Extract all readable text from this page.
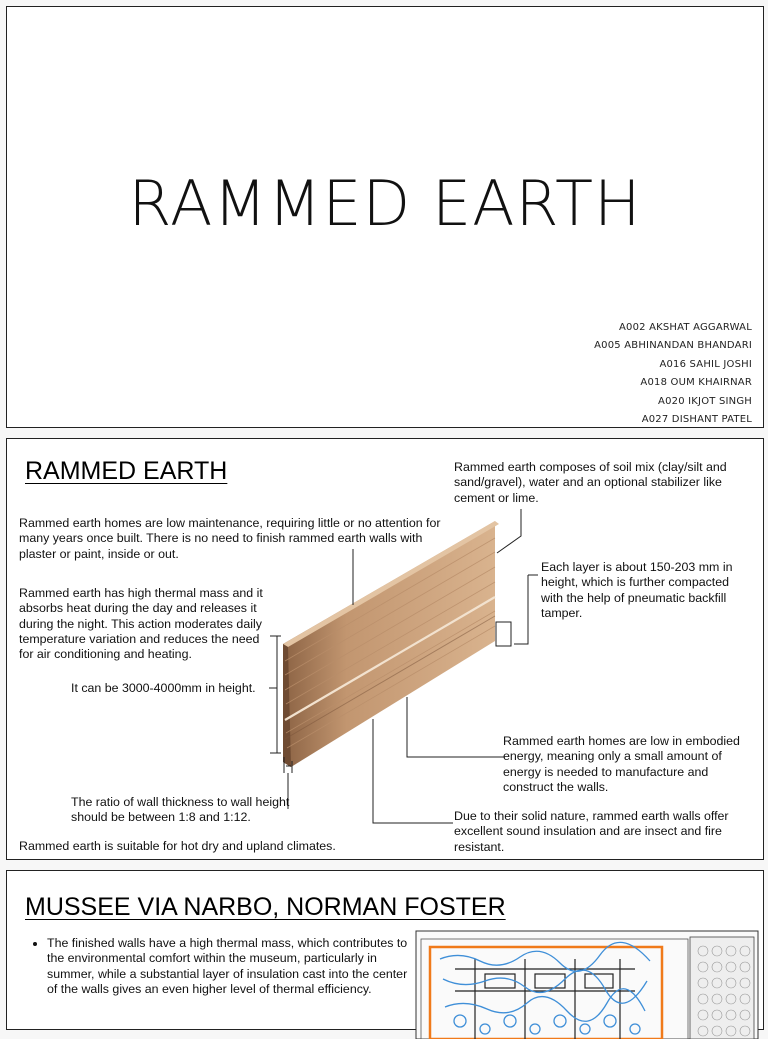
RAMMED EARTH
A002 AKSHAT AGGARWAL
A005 ABHINANDAN BHANDARI
A016 SAHIL JOSHI
A018 OUM KHAIRNAR
A020 IKJOT SINGH
A027 DISHANT PATEL
RAMMED EARTH	Rammed earth composes of soil mix (clay/silt and sand/gravel), water and an optional stabilizer like cement or lime.
Rammed earth homes are low maintenance, requiring little or no attention for many years once built. There is no need to finish rammed earth walls with plaster or paint, inside or out.
Rammed earth has high thermal mass and it absorbs heat during the day and releases it during the night. This action moderates daily temperature variation and reduces the need for air conditioning and heating.
Each layer is about 150-203 mm in height, which is further compacted with the help of pneumatic backfill tamper.
It can be 3000-4000mm in height.
Rammed earth homes are low in embodied energy, meaning only a small amount of energy is needed to manufacture and construct the walls.
The ratio of wall thickness to wall height should be between 1:8 and 1:12.	Due to their solid nature, rammed earth walls offer excellent sound insulation and are insect and fire resistant.
Rammed earth is suitable for hot dry and upland climates.
MUSSEE VIA NARBO, NORMAN FOSTER
• The finished walls have a high thermal mass, which contributes to the environmental comfort within the museum, particularly in summer, while a substantial layer of insulation cast into the center of the walls gives an even higher level of thermal efficiency.
